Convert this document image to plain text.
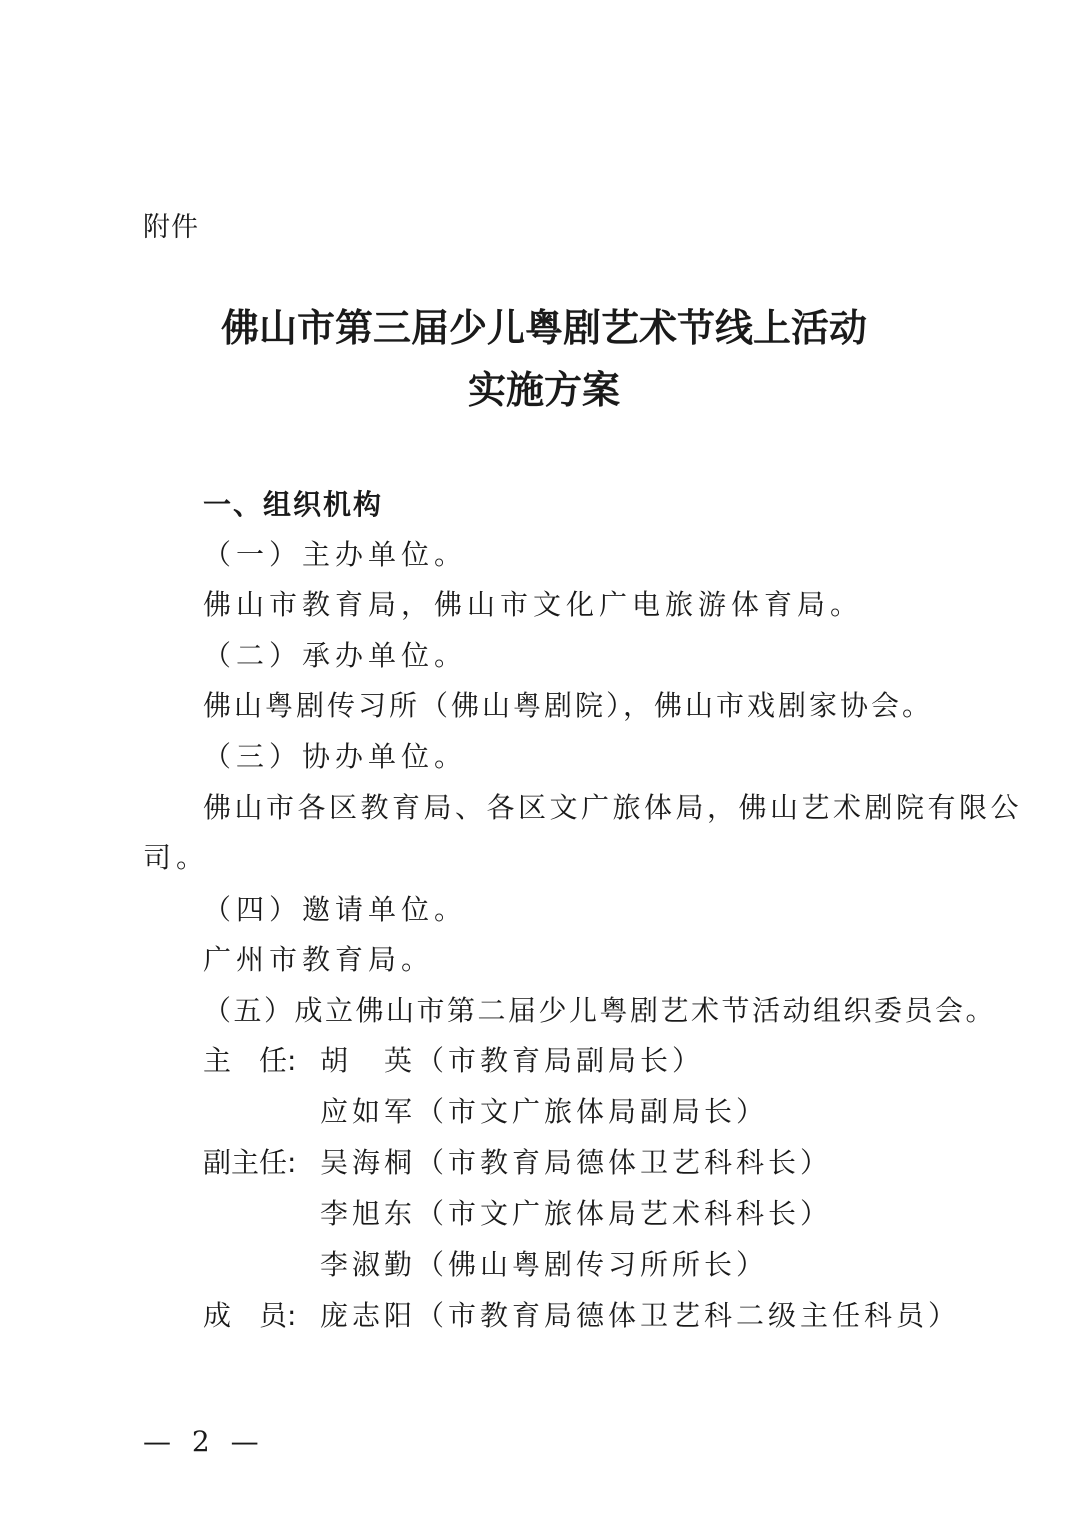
附件
佛山市第三届少儿粤剧艺术节线上活动
实施方案
一、组织机构
（一）主办单位。
佛山市教育局，佛山市文化广电旅游体育局。
（二）承办单位。
佛山粤剧传习所（佛山粤剧院），佛山市戏剧家协会。
（三）协办单位。
佛山市各区教育局、各区文广旅体局，佛山艺术剧院有限公
司。
（四）邀请单位。
广州市教育局。
（五）成立佛山市第二届少儿粤剧艺术节活动组织委员会。
主　任: 胡　英（市教育局副局长）
应如军（市文广旅体局副局长）
副主任: 吴海桐（市教育局德体卫艺科科长）
李旭东（市文广旅体局艺术科科长）
李淑勤（佛山粤剧传习所所长）
成　员: 庞志阳（市教育局德体卫艺科二级主任科员）
— 2 —
